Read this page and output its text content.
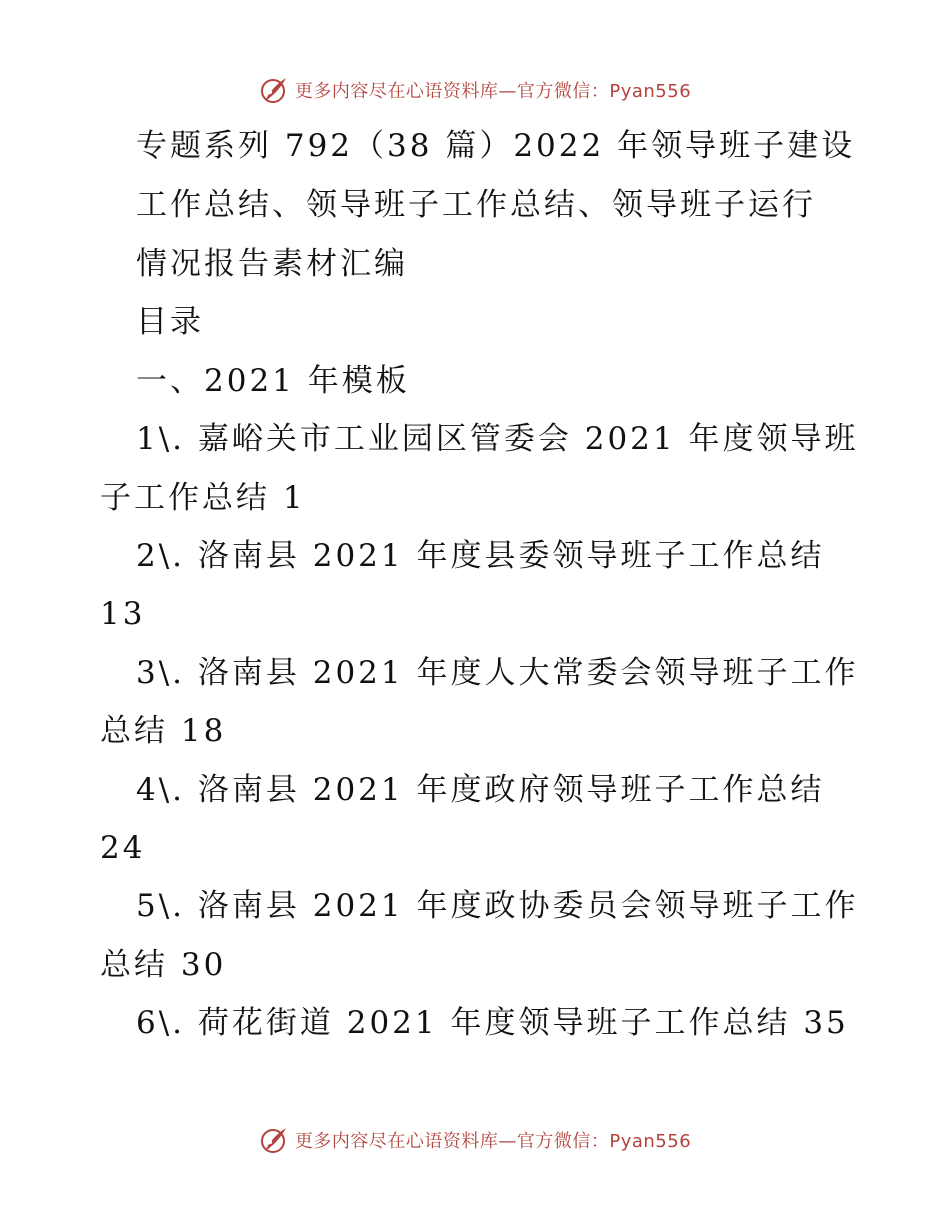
更多内容尽在心语资料库—官方微信：Pyan556
专题系列 792（38 篇）2022 年领导班子建设
工作总结、领导班子工作总结、领导班子运行
情况报告素材汇编
目录
一、2021 年模板
1\. 嘉峪关市工业园区管委会 2021 年度领导班
子工作总结 1
2\. 洛南县 2021 年度县委领导班子工作总结
13
3\. 洛南县 2021 年度人大常委会领导班子工作
总结 18
4\. 洛南县 2021 年度政府领导班子工作总结
24
5\. 洛南县 2021 年度政协委员会领导班子工作
总结 30
6\. 荷花街道 2021 年度领导班子工作总结 35
更多内容尽在心语资料库—官方微信：Pyan556
